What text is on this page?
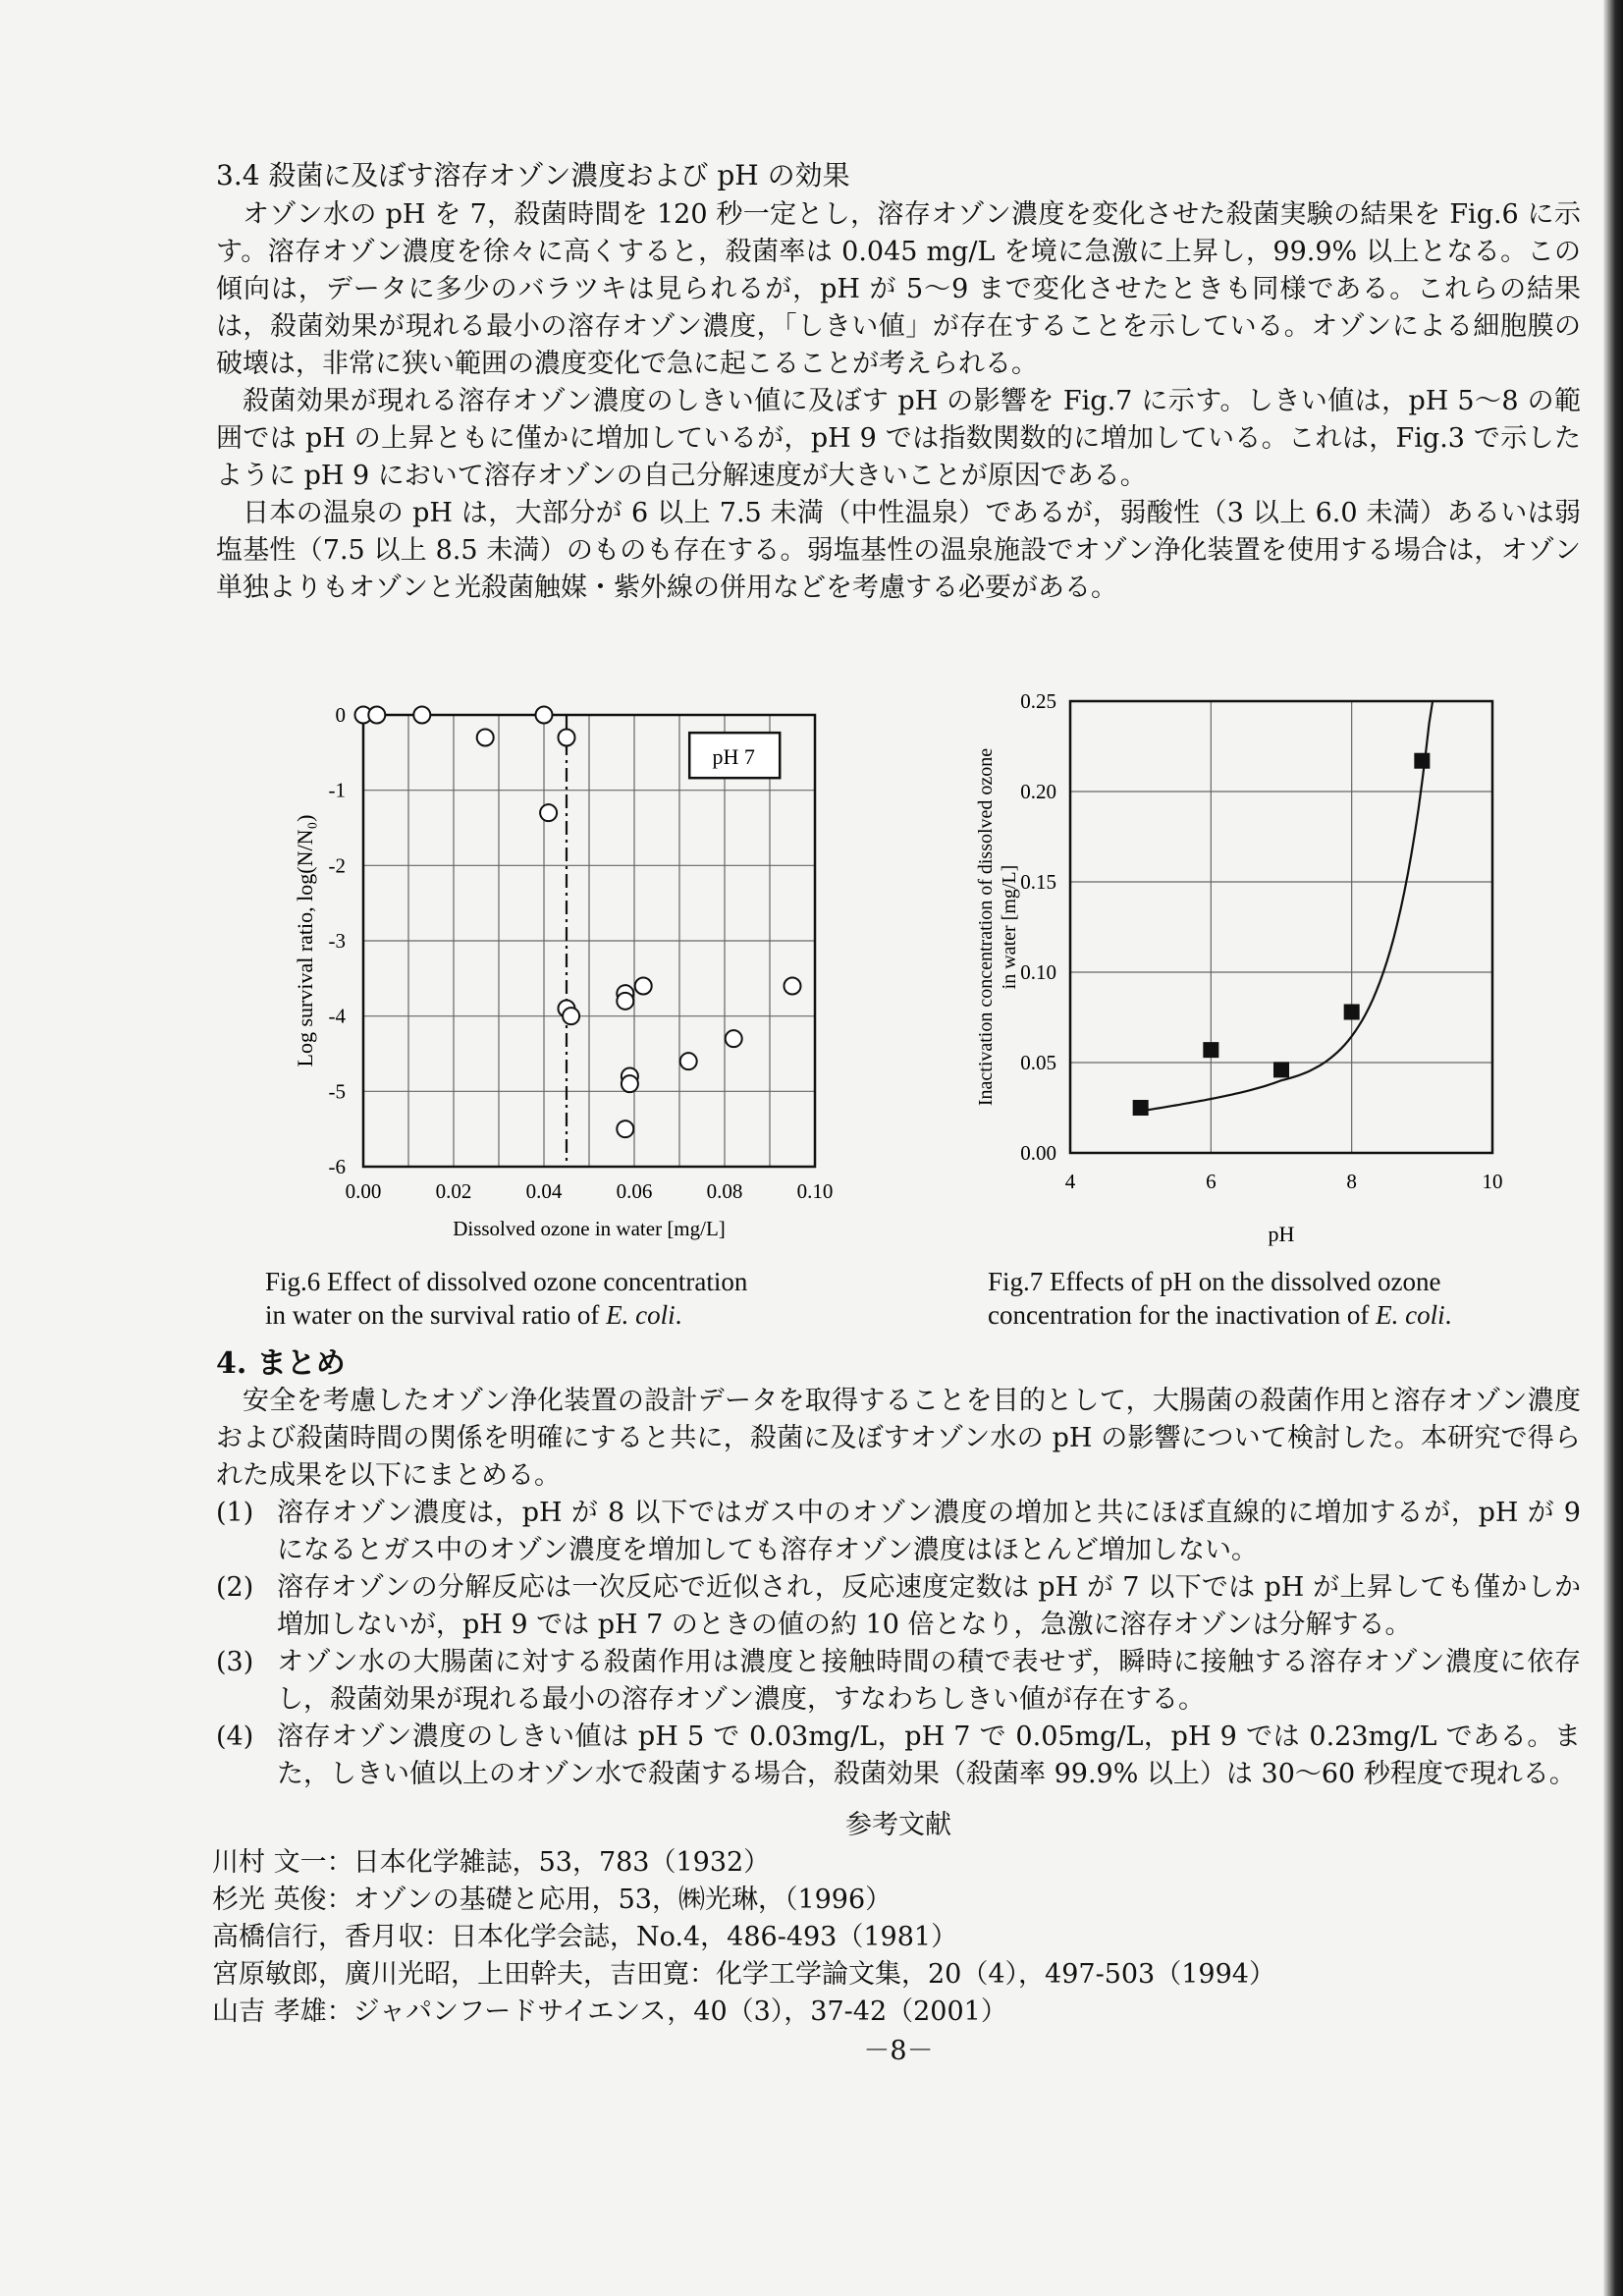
3.4 殺菌に及ぼす溶存オゾン濃度および pH の効果

オゾン水の pH を 7，殺菌時間を 120 秒一定とし，溶存オゾン濃度を変化させた殺菌実験の結果を Fig.6 に示す。溶存オゾン濃度を徐々に高くすると，殺菌率は 0.045 mg/L を境に急激に上昇し，99.9% 以上となる。この傾向は，データに多少のバラツキは見られるが，pH が 5〜9 まで変化させたときも同様である。これらの結果は，殺菌効果が現れる最小の溶存オゾン濃度，「しきい値」が存在することを示している。オゾンによる細胞膜の破壊は，非常に狭い範囲の濃度変化で急に起こることが考えられる。

殺菌効果が現れる溶存オゾン濃度のしきい値に及ぼす pH の影響を Fig.7 に示す。しきい値は，pH 5〜8 の範囲では pH の上昇ともに僅かに増加しているが，pH 9 では指数関数的に増加している。これは，Fig.3 で示したように pH 9 において溶存オゾンの自己分解速度が大きいことが原因である。

日本の温泉の pH は，大部分が 6 以上 7.5 未満（中性温泉）であるが，弱酸性（3 以上 6.0 未満）あるいは弱塩基性（7.5 以上 8.5 未満）のものも存在する。弱塩基性の温泉施設でオゾン浄化装置を使用する場合は，オゾン単独よりもオゾンと光殺菌触媒・紫外線の併用などを考慮する必要がある。

0.00	0.02	0.04	0.06	0.08	0.10
0
-1
-2
-3
-4
-5
-6
Dissolved ozone in water [mg/L]
Log survival ratio, log(N/N₀)
pH 7
4	6	8	10
0.00
0.05
0.10
0.15
0.20
0.25
pH
Inactivation concentration of dissolved ozone in water [mg/L]
Fig.6 Effect of dissolved ozone concentration
in water on the survival ratio of E. coli.
Fig.7 Effects of pH on the dissolved ozone
concentration for the inactivation of E. coli.
4. まとめ

安全を考慮したオゾン浄化装置の設計データを取得することを目的として，大腸菌の殺菌作用と溶存オゾン濃度および殺菌時間の関係を明確にすると共に，殺菌に及ぼすオゾン水の pH の影響について検討した。本研究で得られた成果を以下にまとめる。

(1) 溶存オゾン濃度は，pH が 8 以下ではガス中のオゾン濃度の増加と共にほぼ直線的に増加するが，pH が 9 になるとガス中のオゾン濃度を増加しても溶存オゾン濃度はほとんど増加しない。
(2) 溶存オゾンの分解反応は一次反応で近似され，反応速度定数は pH が 7 以下では pH が上昇しても僅かしか増加しないが，pH 9 では pH 7 のときの値の約 10 倍となり，急激に溶存オゾンは分解する。
(3) オゾン水の大腸菌に対する殺菌作用は濃度と接触時間の積で表せず，瞬時に接触する溶存オゾン濃度に依存し，殺菌効果が現れる最小の溶存オゾン濃度，すなわちしきい値が存在する。
(4) 溶存オゾン濃度のしきい値は pH 5 で 0.03mg/L，pH 7 で 0.05mg/L，pH 9 では 0.23mg/L である。また，しきい値以上のオゾン水で殺菌する場合，殺菌効果（殺菌率 99.9% 以上）は 30〜60 秒程度で現れる。

参考文献

川村 文一：日本化学雑誌，53，783（1932）

杉光 英俊：オゾンの基礎と応用，53，㈱光琳，（1996）

高橋信行，香月収：日本化学会誌，No.4，486-493（1981）

宮原敏郎，廣川光昭，上田幹夫，吉田寛：化学工学論文集，20（4），497-503（1994）

山吉 孝雄：ジャパンフードサイエンス，40（3），37-42（2001）

－8－
